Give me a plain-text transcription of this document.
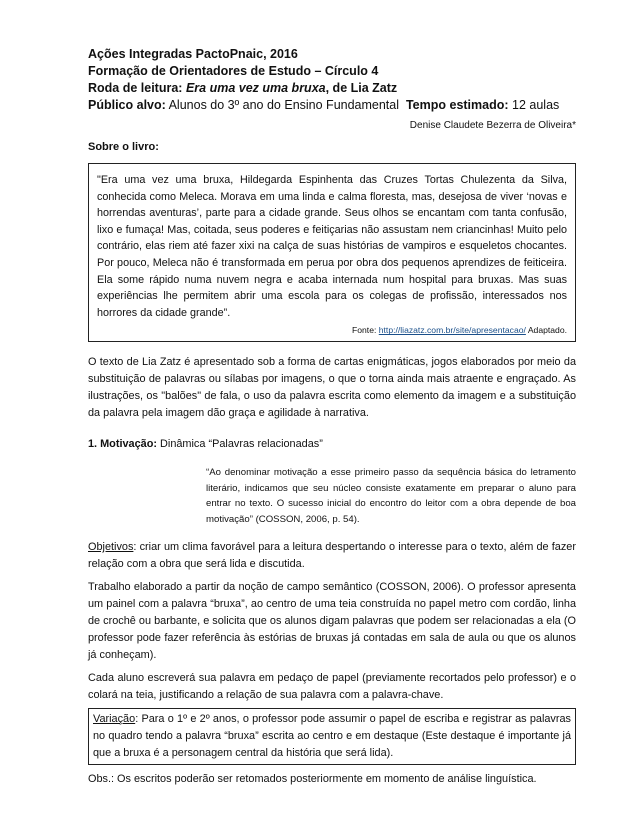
Ações Integradas PactoPnaic, 2016
Formação de Orientadores de Estudo – Círculo 4
Roda de leitura: Era uma vez uma bruxa, de Lia Zatz
Público alvo: Alunos do 3º ano do Ensino Fundamental Tempo estimado: 12 aulas
Denise Claudete Bezerra de Oliveira*
Sobre o livro:

"Era uma vez uma bruxa, Hildegarda Espinhenta das Cruzes Tortas Chulezenta da Silva, conhecida como Meleca. Morava em uma linda e calma floresta, mas, desejosa de viver ‘novas e horrendas aventuras’, parte para a cidade grande. Seus olhos se encantam com tanta confusão, lixo e fumaça! Mas, coitada, seus poderes e feitiçarias não assustam nem criancinhas! Muito pelo contrário, elas riem até fazer xixi na calça de suas histórias de vampiros e esqueletos chocantes. Por pouco, Meleca não é transformada em perua por obra dos pequenos aprendizes de feiticeira. Ela some rápido numa nuvem negra e acaba internada num hospital para bruxas. Mas suas experiências lhe permitem abrir uma escola para os colegas de profissão, interessados nos horrores da cidade grande”.

Fonte: http://liazatz.com.br/site/apresentacao/ Adaptado.

O texto de Lia Zatz é apresentado sob a forma de cartas enigmáticas, jogos elaborados por meio da substituição de palavras ou sílabas por imagens, o que o torna ainda mais atraente e engraçado. As ilustrações, os "balões" de fala, o uso da palavra escrita como elemento da imagem e a substituição da palavra pela imagem dão graça e agilidade à narrativa.

1. Motivação: Dinâmica “Palavras relacionadas”

“Ao denominar motivação a esse primeiro passo da sequência básica do letramento literário, indicamos que seu núcleo consiste exatamente em preparar o aluno para entrar no texto. O sucesso inicial do encontro do leitor com a obra depende de boa motivação” (COSSON, 2006, p. 54).

Objetivos: criar um clima favorável para a leitura despertando o interesse para o texto, além de fazer relação com a obra que será lida e discutida.

Trabalho elaborado a partir da noção de campo semântico (COSSON, 2006). O professor apresenta um painel com a palavra “bruxa”, ao centro de uma teia construída no papel metro com cordão, linha de crochê ou barbante, e solicita que os alunos digam palavras que podem ser relacionadas a ela (O professor pode fazer referência às estórias de bruxas já contadas em sala de aula ou que os alunos já conheçam).

Cada aluno escreverá sua palavra em pedaço de papel (previamente recortados pelo professor) e o colará na teia, justificando a relação de sua palavra com a palavra-chave.

Variação: Para o 1º e 2º anos, o professor pode assumir o papel de escriba e registrar as palavras no quadro tendo a palavra “bruxa” escrita ao centro e em destaque (Este destaque é importante já que a bruxa é a personagem central da história que será lida).

Obs.: Os escritos poderão ser retomados posteriormente em momento de análise linguística.
